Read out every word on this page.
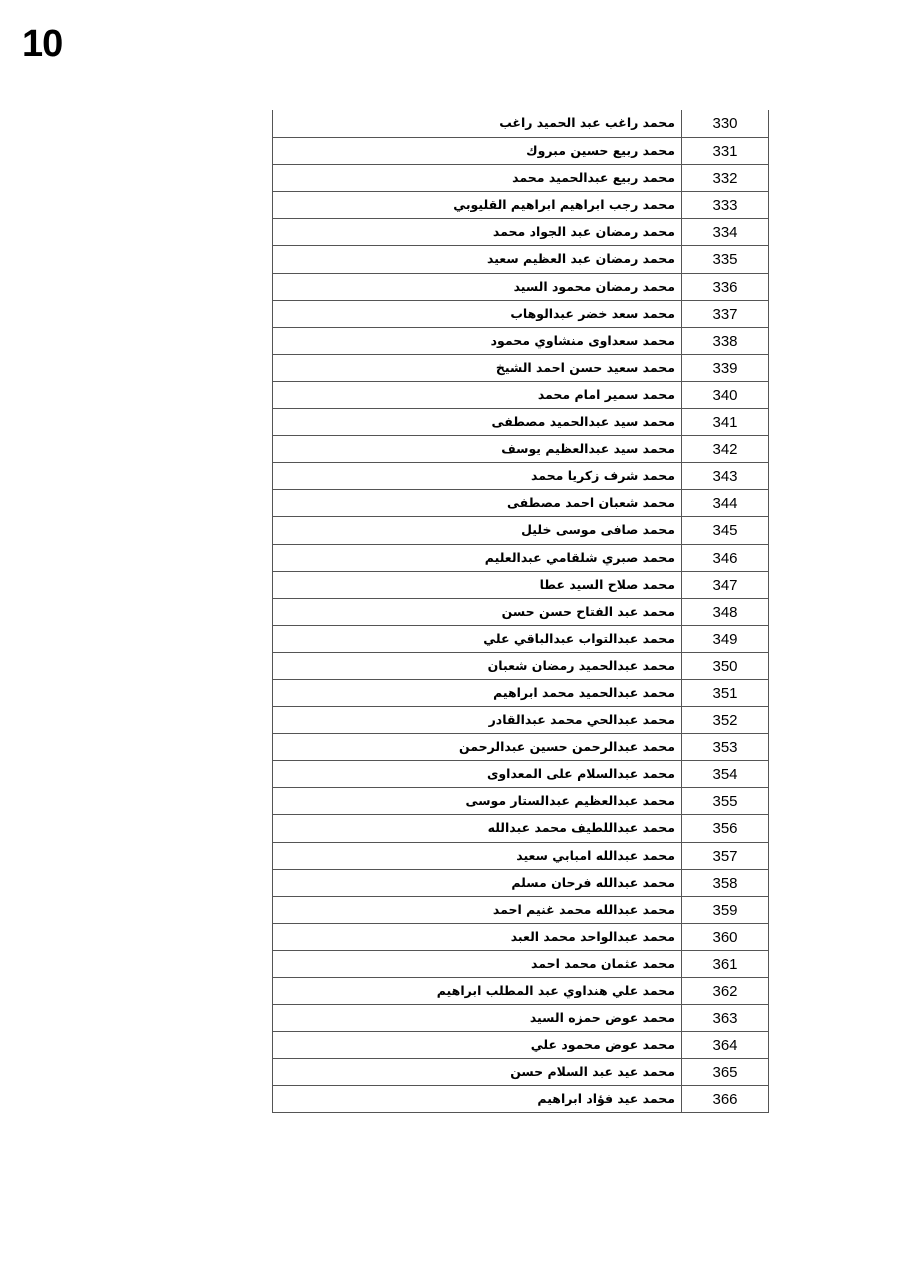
10
محمد راغب عبد الحميد راغب	330
محمد ربيع حسين مبروك	331
محمد ربيع عبدالحميد محمد	332
محمد رجب ابراهيم ابراهيم القليوبي	333
محمد رمضان عبد الجواد محمد	334
محمد رمضان عبد العظيم سعيد	335
محمد رمضان محمود السيد	336
محمد سعد خضر عبدالوهاب	337
محمد سعداوى منشاوي محمود	338
محمد سعيد حسن احمد الشيخ	339
محمد سمير امام محمد	340
محمد سيد عبدالحميد مصطفى	341
محمد سيد عبدالعظيم يوسف	342
محمد شرف زكريا محمد	343
محمد شعبان احمد مصطفى	344
محمد صافى موسى خليل	345
محمد صبري شلقامي عبدالعليم	346
محمد صلاح السيد عطا	347
محمد عبد الفتاح حسن حسن	348
محمد عبدالتواب عبدالباقي علي	349
محمد عبدالحميد رمضان شعبان	350
محمد عبدالحميد محمد ابراهيم	351
محمد عبدالحي محمد عبدالقادر	352
محمد عبدالرحمن حسين عبدالرحمن	353
محمد عبدالسلام على المعداوى	354
محمد عبدالعظيم عبدالستار موسى	355
محمد عبداللطيف محمد عبدالله	356
محمد عبدالله امبابي سعيد	357
محمد عبدالله فرحان مسلم	358
محمد عبدالله محمد غنيم احمد	359
محمد عبدالواحد محمد العبد	360
محمد عثمان محمد احمد	361
محمد علي هنداوي عبد المطلب ابراهيم	362
محمد عوض حمزه السيد	363
محمد عوض محمود علي	364
محمد عيد عبد السلام حسن	365
محمد عيد فؤاد ابراهيم	366
